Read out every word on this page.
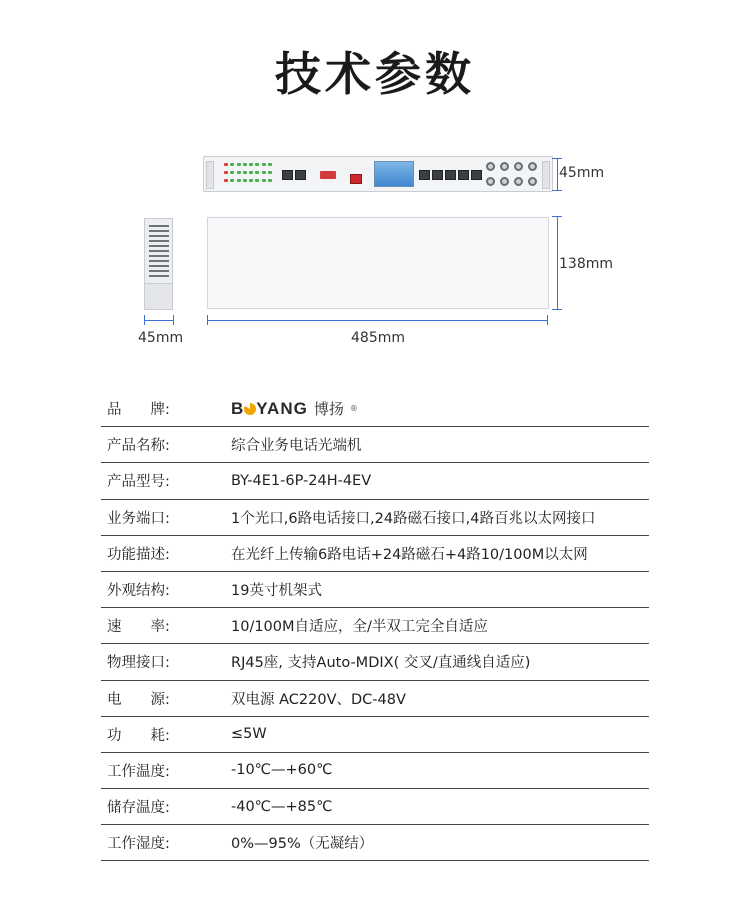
技术参数
45mm
138mm
45mm	485mm
品　　牌:	B YANG 博扬 ®
产品名称:	综合业务电话光端机
产品型号:	BY-4E1-6P-24H-4EV
业务端口:	1个光口,6路电话接口,24路磁石接口,4路百兆以太网接口
功能描述:	在光纤上传输6路电话+24路磁石+4路10/100M以太网
外观结构:	19英寸机架式
速　　率:	10/100M自适应，全/半双工完全自适应
物理接口:	RJ45座, 支持Auto-MDIX( 交叉/直通线自适应)
电　　源:	双电源 AC220V、DC-48V
功　　耗:	≤5W
工作温度:	-10℃—+60℃
储存温度:	-40℃—+85℃
工作湿度:	0%—95%（无凝结）
